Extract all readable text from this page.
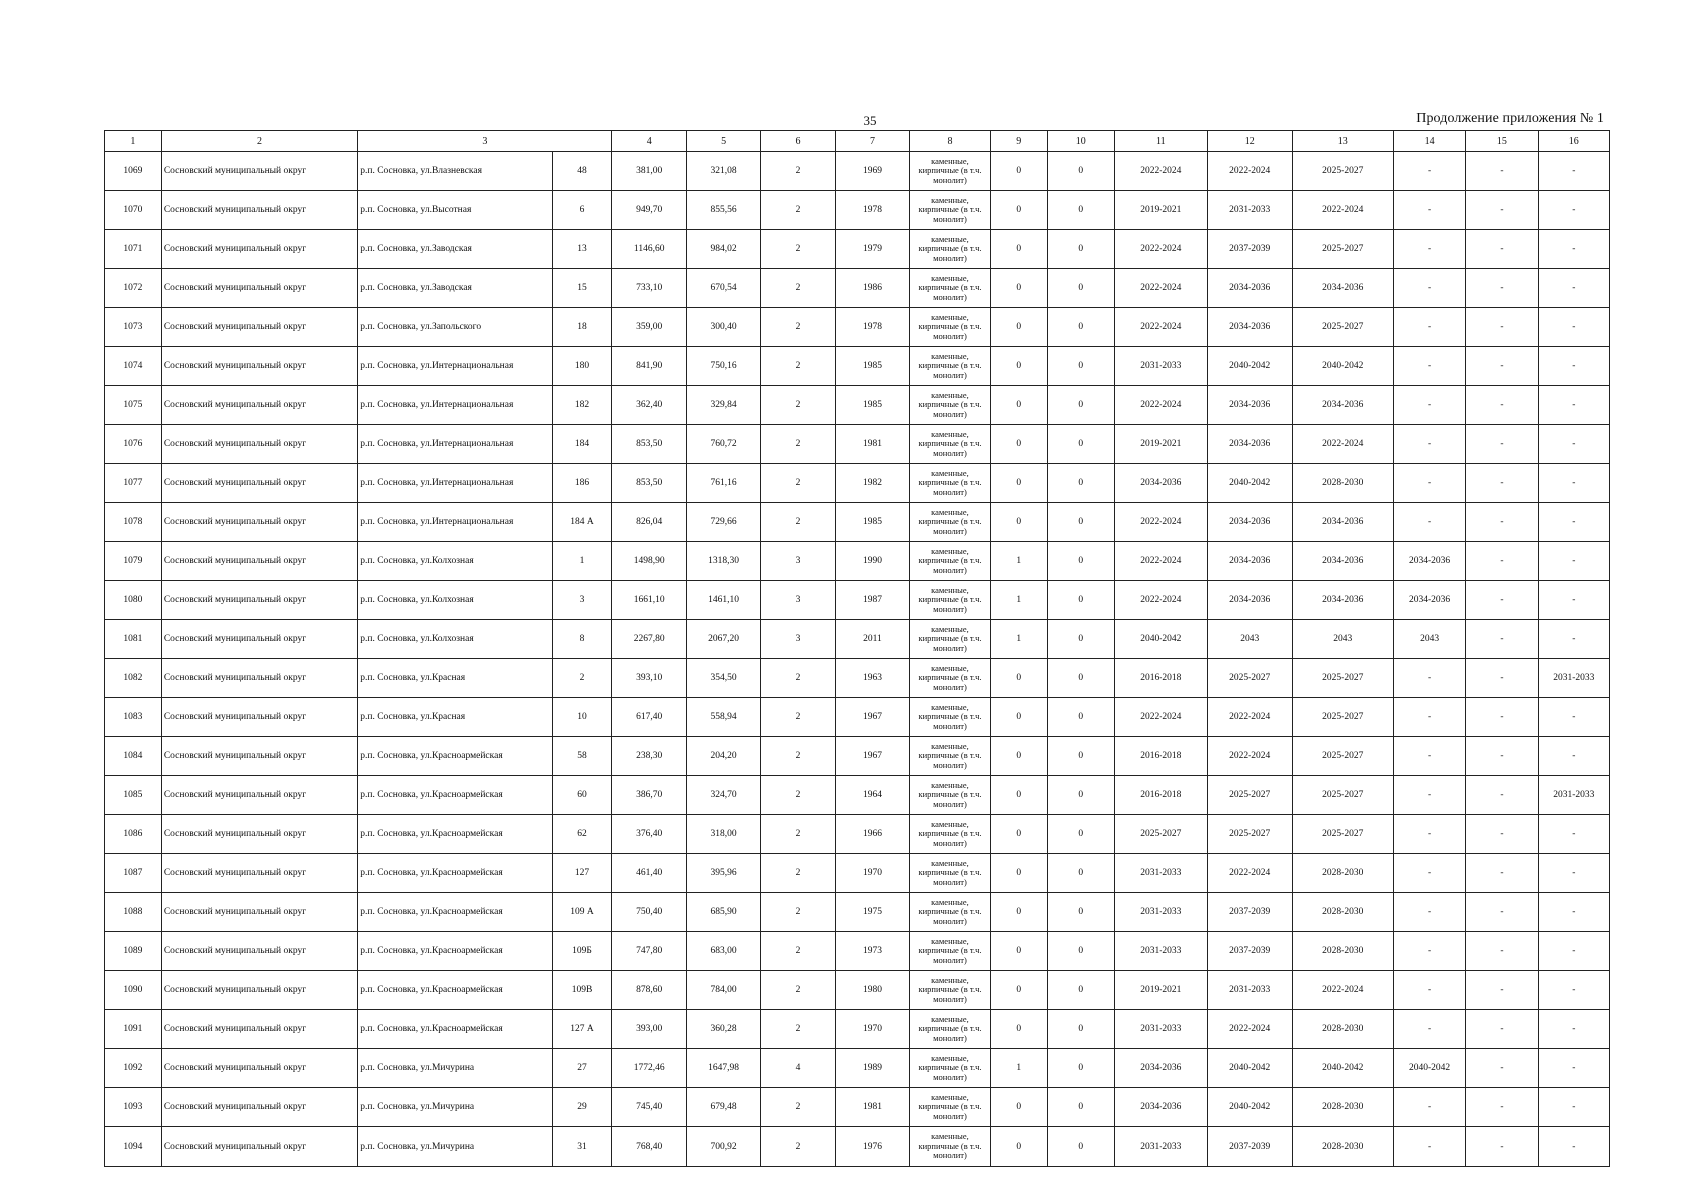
35	Продолжение приложения № 1
1	2	3		4	5	6	7	8	9	10	11	12	13	14	15	16
1069	Сосновский муниципальный округ	р.п. Сосновка, ул.Влазневская	48	381,00	321,08	2	1969	каменные, кирпичные (в т.ч. монолит)	0	0	2022-2024	2022-2024	2025-2027	-	-	-
1070	Сосновский муниципальный округ	р.п. Сосновка, ул.Высотная	6	949,70	855,56	2	1978	каменные, кирпичные (в т.ч. монолит)	0	0	2019-2021	2031-2033	2022-2024	-	-	-
1071	Сосновский муниципальный округ	р.п. Сосновка, ул.Заводская	13	1146,60	984,02	2	1979	каменные, кирпичные (в т.ч. монолит)	0	0	2022-2024	2037-2039	2025-2027	-	-	-
1072	Сосновский муниципальный округ	р.п. Сосновка, ул.Заводская	15	733,10	670,54	2	1986	каменные, кирпичные (в т.ч. монолит)	0	0	2022-2024	2034-2036	2034-2036	-	-	-
1073	Сосновский муниципальный округ	р.п. Сосновка, ул.Запольского	18	359,00	300,40	2	1978	каменные, кирпичные (в т.ч. монолит)	0	0	2022-2024	2034-2036	2025-2027	-	-	-
1074	Сосновский муниципальный округ	р.п. Сосновка, ул.Интернациональная	180	841,90	750,16	2	1985	каменные, кирпичные (в т.ч. монолит)	0	0	2031-2033	2040-2042	2040-2042	-	-	-
1075	Сосновский муниципальный округ	р.п. Сосновка, ул.Интернациональная	182	362,40	329,84	2	1985	каменные, кирпичные (в т.ч. монолит)	0	0	2022-2024	2034-2036	2034-2036	-	-	-
1076	Сосновский муниципальный округ	р.п. Сосновка, ул.Интернациональная	184	853,50	760,72	2	1981	каменные, кирпичные (в т.ч. монолит)	0	0	2019-2021	2034-2036	2022-2024	-	-	-
1077	Сосновский муниципальный округ	р.п. Сосновка, ул.Интернациональная	186	853,50	761,16	2	1982	каменные, кирпичные (в т.ч. монолит)	0	0	2034-2036	2040-2042	2028-2030	-	-	-
1078	Сосновский муниципальный округ	р.п. Сосновка, ул.Интернациональная	184 А	826,04	729,66	2	1985	каменные, кирпичные (в т.ч. монолит)	0	0	2022-2024	2034-2036	2034-2036	-	-	-
1079	Сосновский муниципальный округ	р.п. Сосновка, ул.Колхозная	1	1498,90	1318,30	3	1990	каменные, кирпичные (в т.ч. монолит)	1	0	2022-2024	2034-2036	2034-2036	2034-2036	-	-
1080	Сосновский муниципальный округ	р.п. Сосновка, ул.Колхозная	3	1661,10	1461,10	3	1987	каменные, кирпичные (в т.ч. монолит)	1	0	2022-2024	2034-2036	2034-2036	2034-2036	-	-
1081	Сосновский муниципальный округ	р.п. Сосновка, ул.Колхозная	8	2267,80	2067,20	3	2011	каменные, кирпичные (в т.ч. монолит)	1	0	2040-2042	2043	2043	2043	-	-
1082	Сосновский муниципальный округ	р.п. Сосновка, ул.Красная	2	393,10	354,50	2	1963	каменные, кирпичные (в т.ч. монолит)	0	0	2016-2018	2025-2027	2025-2027	-	-	2031-2033
1083	Сосновский муниципальный округ	р.п. Сосновка, ул.Красная	10	617,40	558,94	2	1967	каменные, кирпичные (в т.ч. монолит)	0	0	2022-2024	2022-2024	2025-2027	-	-	-
1084	Сосновский муниципальный округ	р.п. Сосновка, ул.Красноармейская	58	238,30	204,20	2	1967	каменные, кирпичные (в т.ч. монолит)	0	0	2016-2018	2022-2024	2025-2027	-	-	-
1085	Сосновский муниципальный округ	р.п. Сосновка, ул.Красноармейская	60	386,70	324,70	2	1964	каменные, кирпичные (в т.ч. монолит)	0	0	2016-2018	2025-2027	2025-2027	-	-	2031-2033
1086	Сосновский муниципальный округ	р.п. Сосновка, ул.Красноармейская	62	376,40	318,00	2	1966	каменные, кирпичные (в т.ч. монолит)	0	0	2025-2027	2025-2027	2025-2027	-	-	-
1087	Сосновский муниципальный округ	р.п. Сосновка, ул.Красноармейская	127	461,40	395,96	2	1970	каменные, кирпичные (в т.ч. монолит)	0	0	2031-2033	2022-2024	2028-2030	-	-	-
1088	Сосновский муниципальный округ	р.п. Сосновка, ул.Красноармейская	109 А	750,40	685,90	2	1975	каменные, кирпичные (в т.ч. монолит)	0	0	2031-2033	2037-2039	2028-2030	-	-	-
1089	Сосновский муниципальный округ	р.п. Сосновка, ул.Красноармейская	109Б	747,80	683,00	2	1973	каменные, кирпичные (в т.ч. монолит)	0	0	2031-2033	2037-2039	2028-2030	-	-	-
1090	Сосновский муниципальный округ	р.п. Сосновка, ул.Красноармейская	109В	878,60	784,00	2	1980	каменные, кирпичные (в т.ч. монолит)	0	0	2019-2021	2031-2033	2022-2024	-	-	-
1091	Сосновский муниципальный округ	р.п. Сосновка, ул.Красноармейская	127 А	393,00	360,28	2	1970	каменные, кирпичные (в т.ч. монолит)	0	0	2031-2033	2022-2024	2028-2030	-	-	-
1092	Сосновский муниципальный округ	р.п. Сосновка, ул.Мичурина	27	1772,46	1647,98	4	1989	каменные, кирпичные (в т.ч. монолит)	1	0	2034-2036	2040-2042	2040-2042	2040-2042	-	-
1093	Сосновский муниципальный округ	р.п. Сосновка, ул.Мичурина	29	745,40	679,48	2	1981	каменные, кирпичные (в т.ч. монолит)	0	0	2034-2036	2040-2042	2028-2030	-	-	-
1094	Сосновский муниципальный округ	р.п. Сосновка, ул.Мичурина	31	768,40	700,92	2	1976	каменные, кирпичные (в т.ч. монолит)	0	0	2031-2033	2037-2039	2028-2030	-	-	-
